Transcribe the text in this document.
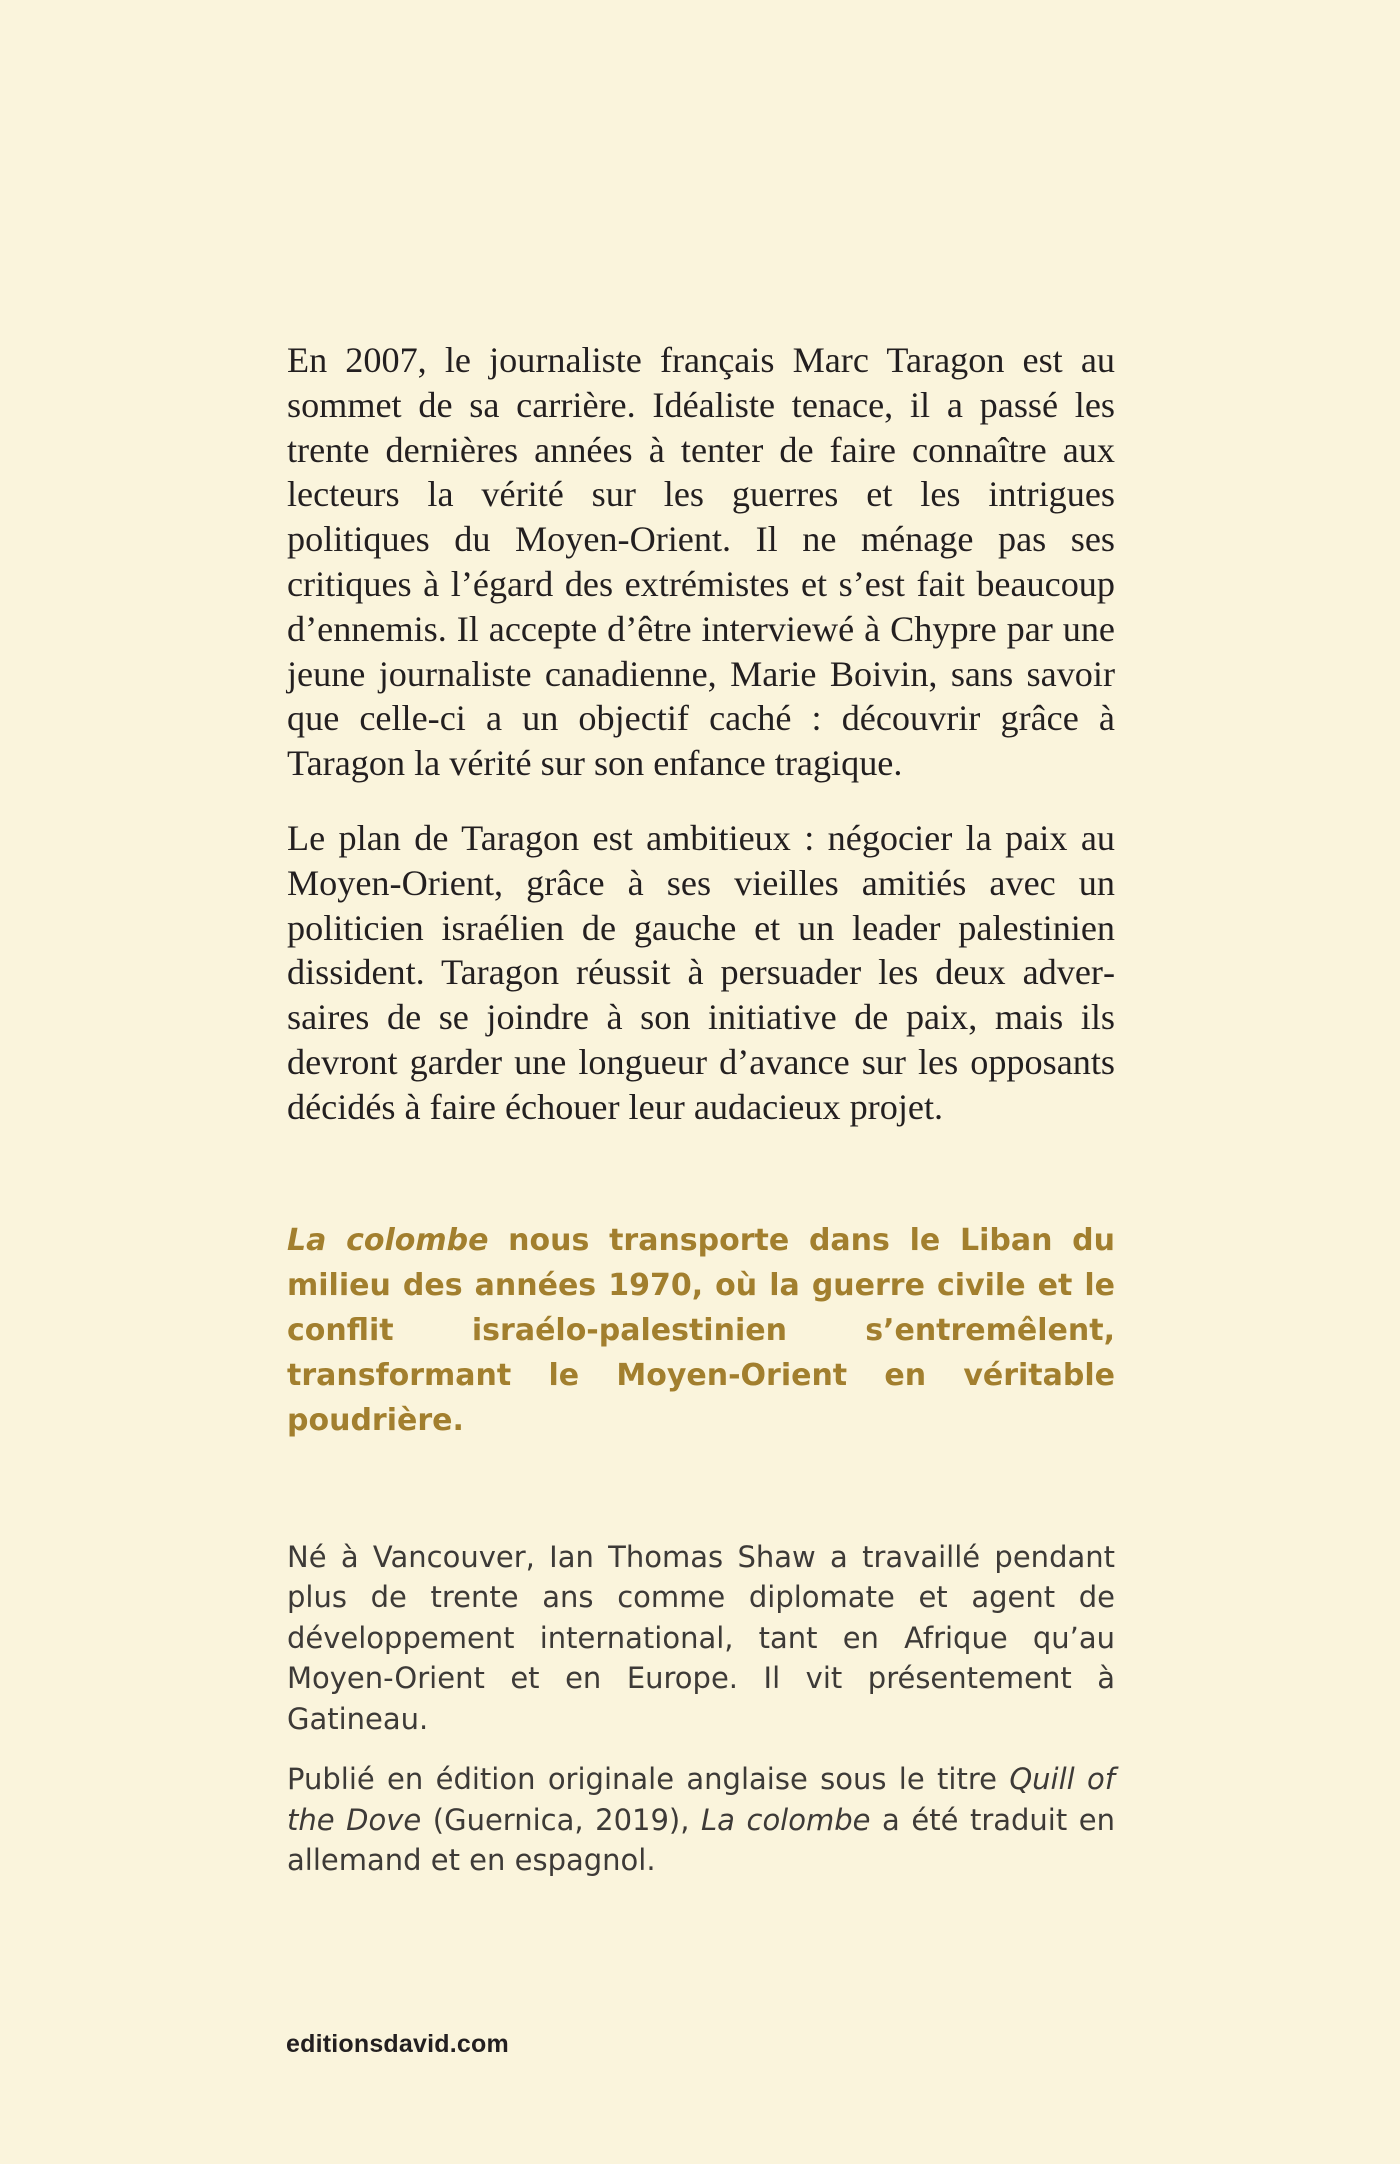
En 2007, le journaliste français Marc Taragon est au sommet de sa carrière. Idéaliste tenace, il a passé les trente dernières années à tenter de faire connaître aux lecteurs la vérité sur les guerres et les intrigues politiques du Moyen-Orient. Il ne ménage pas ses critiques à l’égard des extrémistes et s’est fait beaucoup d’ennemis. Il accepte d’être interviewé à Chypre par une jeune journaliste canadienne, Marie Boivin, sans savoir que celle-ci a un objectif caché : découvrir grâce à Taragon la vérité sur son enfance tragique.

Le plan de Taragon est ambitieux : négocier la paix au Moyen-Orient, grâce à ses vieilles amitiés avec un politicien israélien de gauche et un leader palestinien dissident. Taragon réussit à persuader les deux adversaires de se joindre à son initiative de paix, mais ils devront garder une longueur d’avance sur les opposants décidés à faire échouer leur audacieux projet.

La colombe nous transporte dans le Liban du milieu des années 1970, où la guerre civile et le conflit israélo-palestinien s’entremêlent, transformant le Moyen-Orient en véritable poudrière.

Né à Vancouver, Ian Thomas Shaw a travaillé pendant plus de trente ans comme diplomate et agent de développement international, tant en Afrique qu’au Moyen-Orient et en Europe. Il vit présentement à Gatineau.

Publié en édition originale anglaise sous le titre Quill of the Dove (Guernica, 2019), La colombe a été traduit en allemand et en espagnol.

editionsdavid.com
